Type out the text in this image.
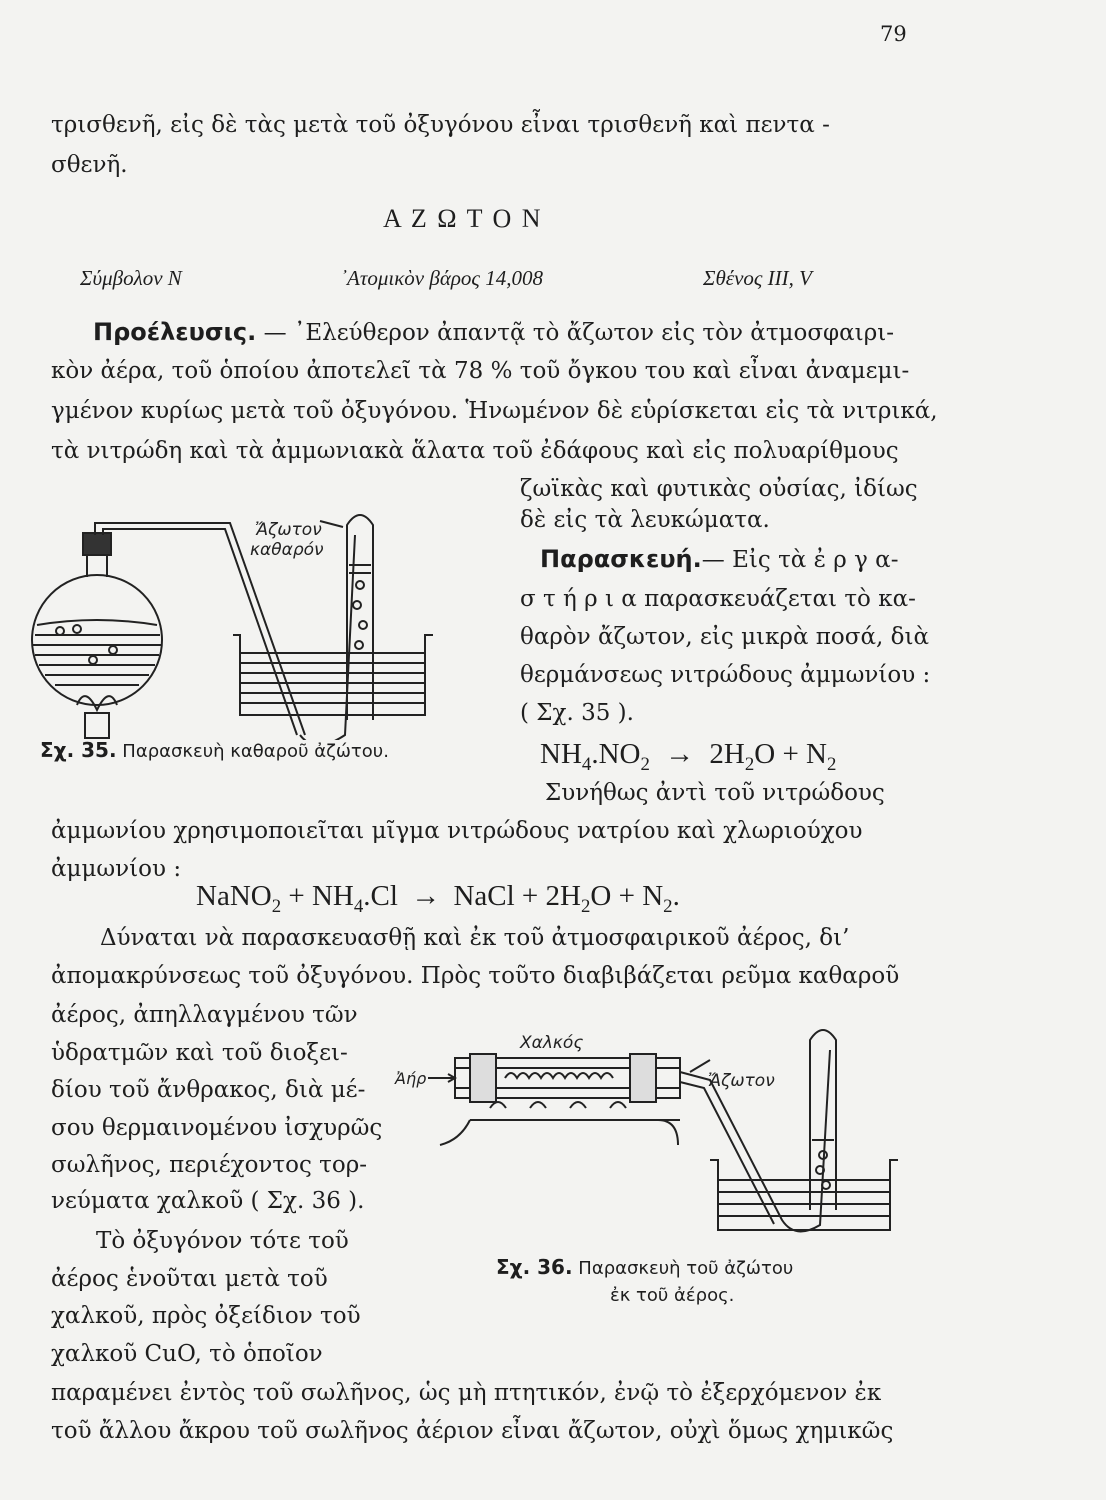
79
τρισθενῆ, εἰς δὲ τὰς μετὰ τοῦ ὀξυγόνου εἶναι τρισθενῆ καὶ πεντα -
σθενῆ.
Α Ζ Ω Τ Ο Ν
Σύμβολον N	᾽Ατομικὸν βάρος 14,008	Σθένος III, V
Προέλευσις. — ᾽Ελεύθερον ἀπαντᾷ τὸ ἄζωτον εἰς τὸν ἀτμοσφαιρι-
κὸν ἀέρα, τοῦ ὁποίου ἀποτελεῖ τὰ 78 % τοῦ ὄγκου του καὶ εἶναι ἀναμεμι-
γμένον κυρίως μετὰ τοῦ ὀξυγόνου. Ἡνωμένον δὲ εὑρίσκεται εἰς τὰ νιτρικά,
τὰ νιτρώδη καὶ τὰ ἀμμωνιακὰ ἅλατα τοῦ ἐδάφους καὶ εἰς πολυαρίθμους
ζωϊκὰς καὶ φυτικὰς οὐσίας, ἰδίως
δὲ εἰς τὰ λευκώματα.
Παρασκευή.— Εἰς τὰ ἐ ρ γ α-
σ τ ή ρ ι α παρασκευάζεται τὸ κα-
θαρὸν ἄζωτον, εἰς μικρὰ ποσά, διὰ
θερμάνσεως νιτρώδους ἀμμωνίου :
( Σχ. 35 ).
$NH_4.NO_2 \to 2H_2O + N_2$
Συνήθως ἀντὶ τοῦ νιτρώδους
ἀμμωνίου χρησιμοποιεῖται μῖγμα νιτρώδους νατρίου καὶ χλωριούχου
ἀμμωνίου :
NaNO$_2$ + $NH_4.Cl$ → NaCl + $2H_2O + N_2$.
Δύναται νὰ παρασκευασθῇ καὶ ἐκ τοῦ ἀτμοσφαιρικοῦ ἀέρος, δι’
ἀπομακρύνσεως τοῦ ὀξυγόνου. Πρὸς τοῦτο διαβιβάζεται ρεῦμα καθαροῦ
ἀέρος, ἀπηλλαγμένου τῶν
ὑδρατμῶν καὶ τοῦ διοξει-
δίου τοῦ ἄνθρακος, διὰ μέ-
σου θερμαινομένου ἰσχυρῶς
σωλῆνος, περιέχοντος τορ-
νεύματα χαλκοῦ ( Σχ. 36 ).
Τὸ ὀξυγόνον τότε τοῦ
ἀέρος ἑνοῦται μετὰ τοῦ
χαλκοῦ, πρὸς ὀξείδιον τοῦ
χαλκοῦ CuO, τὸ ὁποῖον
παραμένει ἐντὸς τοῦ σωλῆνος, ὡς μὴ πτητικόν, ἐνῷ τὸ ἐξερχόμενον ἐκ
τοῦ ἄλλου ἄκρου τοῦ σωλῆνος ἀέριον εἶναι ἄζωτον, οὐχὶ ὅμως χημικῶς
Ἄζωτον
καθαρόν
Σχ. 35. Παρασκευὴ καθαροῦ ἀζώτου.
Χαλκός
Ἀήρ	Ἄζωτον
Σχ. 36. Παρασκευὴ τοῦ ἀζώτου
ἐκ τοῦ ἀέρος.
